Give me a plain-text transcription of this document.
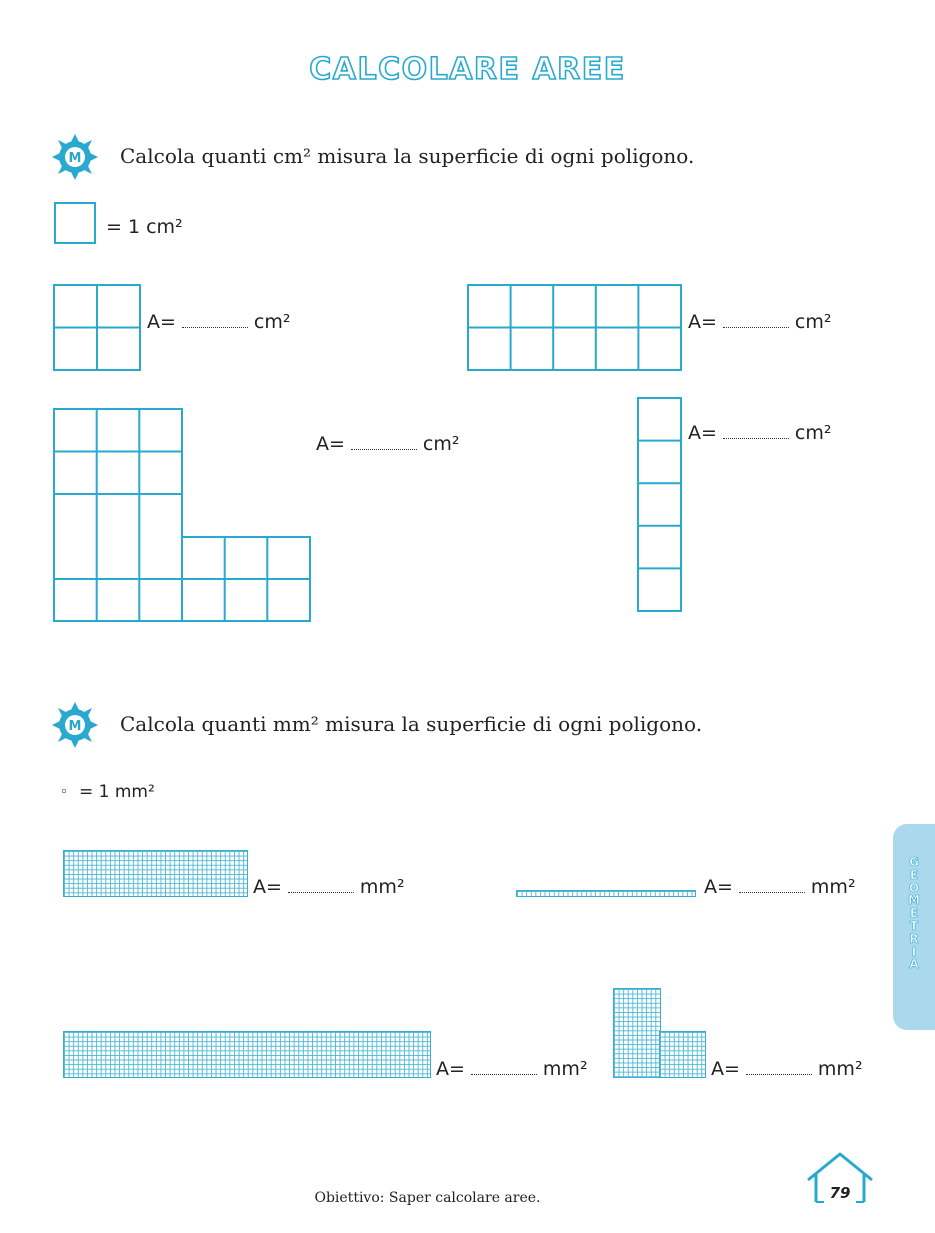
CALCOLARE AREE
M Calcola quanti cm² misura la superficie di ogni poligono.
= 1 cm²
A=	cm²	A=	cm²
A=	cm²	A=	cm²
M Calcola quanti mm² misura la superficie di ogni poligono.
= 1 mm²
A=	mm²	A=	mm²
A=	mm²	A=	mm²
G
E
O
M
E
T
R
I
A
Obiettivo: Saper calcolare aree.	79
